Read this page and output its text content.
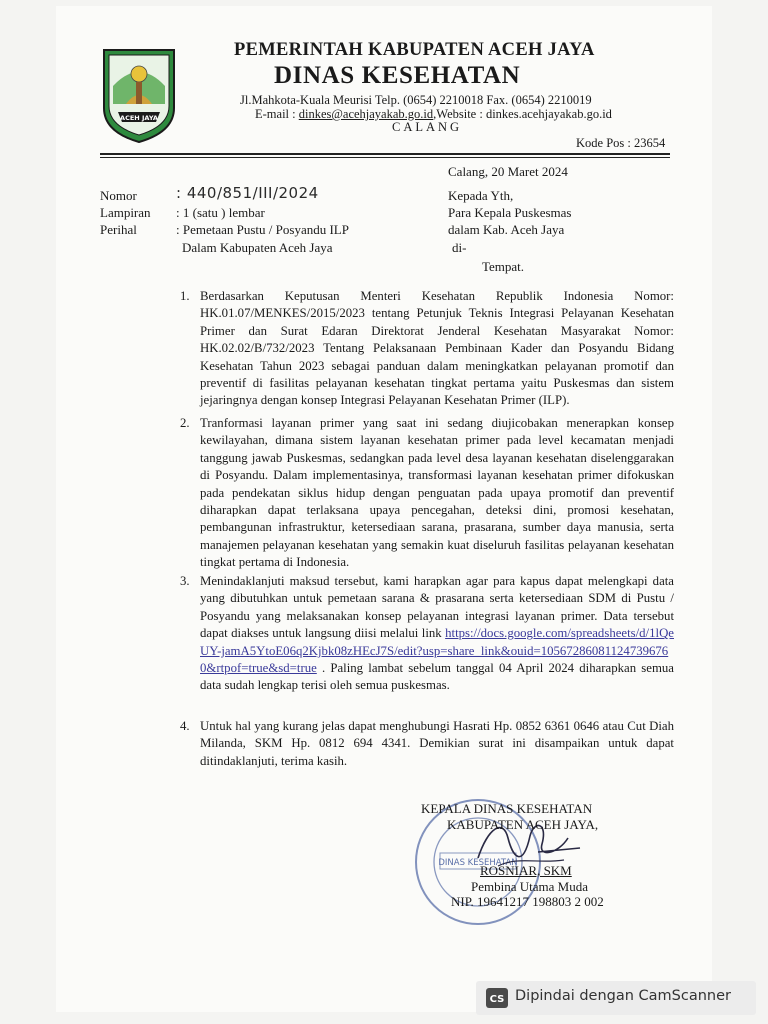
ACEH JAYA
PEMERINTAH KABUPATEN ACEH JAYA
DINAS KESEHATAN
Jl.Mahkota-Kuala Meurisi Telp. (0654) 2210018 Fax. (0654) 2210019
E-mail : dinkes@acehjayakab.go.id,Website : dinkes.acehjayakab.go.id
CALANG
Kode Pos : 23654
Calang, 20 Maret 2024
Nomor	: 440/851/III/2024
Lampiran : 1 (satu ) lembar
Perihal	: Pemetaan Pustu / Posyandu ILP
Dalam Kabupaten Aceh Jaya
Kepada Yth,
Para Kepala Puskesmas
dalam Kab. Aceh Jaya
di-
Tempat.
1. Berdasarkan Keputusan Menteri Kesehatan Republik Indonesia Nomor: HK.01.07/MENKES/2015/2023 tentang Petunjuk Teknis Integrasi Pelayanan Kesehatan Primer dan Surat Edaran Direktorat Jenderal Kesehatan Masyarakat Nomor: HK.02.02/B/732/2023 Tentang Pelaksanaan Pembinaan Kader dan Posyandu Bidang Kesehatan Tahun 2023 sebagai panduan dalam meningkatkan pelayanan promotif dan preventif di fasilitas pelayanan kesehatan tingkat pertama yaitu Puskesmas dan sistem jejaringnya dengan konsep Integrasi Pelayanan Kesehatan Primer (ILP).
2. Tranformasi layanan primer yang saat ini sedang diujicobakan menerapkan konsep kewilayahan, dimana sistem layanan kesehatan primer pada level kecamatan menjadi tanggung jawab Puskesmas, sedangkan pada level desa layanan kesehatan diselenggarakan di Posyandu. Dalam implementasinya, transformasi layanan kesehatan primer difokuskan pada pendekatan siklus hidup dengan penguatan pada upaya promotif dan preventif diharapkan dapat terlaksana upaya pencegahan, deteksi dini, promosi kesehatan, pembangunan infrastruktur, ketersediaan sarana, prasarana, sumber daya manusia, serta manajemen pelayanan kesehatan yang semakin kuat diseluruh fasilitas pelayanan kesehatan tingkat pertama di Indonesia.
3. Menindaklanjuti maksud tersebut, kami harapkan agar para kapus dapat melengkapi data yang dibutuhkan untuk pemetaan sarana & prasarana serta ketersediaan SDM di Pustu / Posyandu yang melaksanakan konsep pelayanan integrasi layanan primer. Data tersebut dapat diakses untuk langsung diisi melalui link https://docs.google.com/spreadsheets/d/1lQeUY-jamA5YtoE06q2Kjbk08zHEcJ7S/edit?usp=share_link&ouid=105672860811247396760&rtpof=true&sd=true . Paling lambat sebelum tanggal 04 April 2024 diharapkan semua data sudah lengkap terisi oleh semua puskesmas.
4. Untuk hal yang kurang jelas dapat menghubungi Hasrati Hp. 0852 6361 0646 atau Cut Diah Milanda, SKM Hp. 0812 694 4341. Demikian surat ini disampaikan untuk dapat ditindaklanjuti, terima kasih.
DINAS KESEHATAN
KEPALA DINAS KESEHATAN
KABUPATEN ACEH JAYA,
ROSNIAR, SKM
Pembina Utama Muda
NIP. 19641217 198803 2 002
CS Dipindai dengan CamScanner
